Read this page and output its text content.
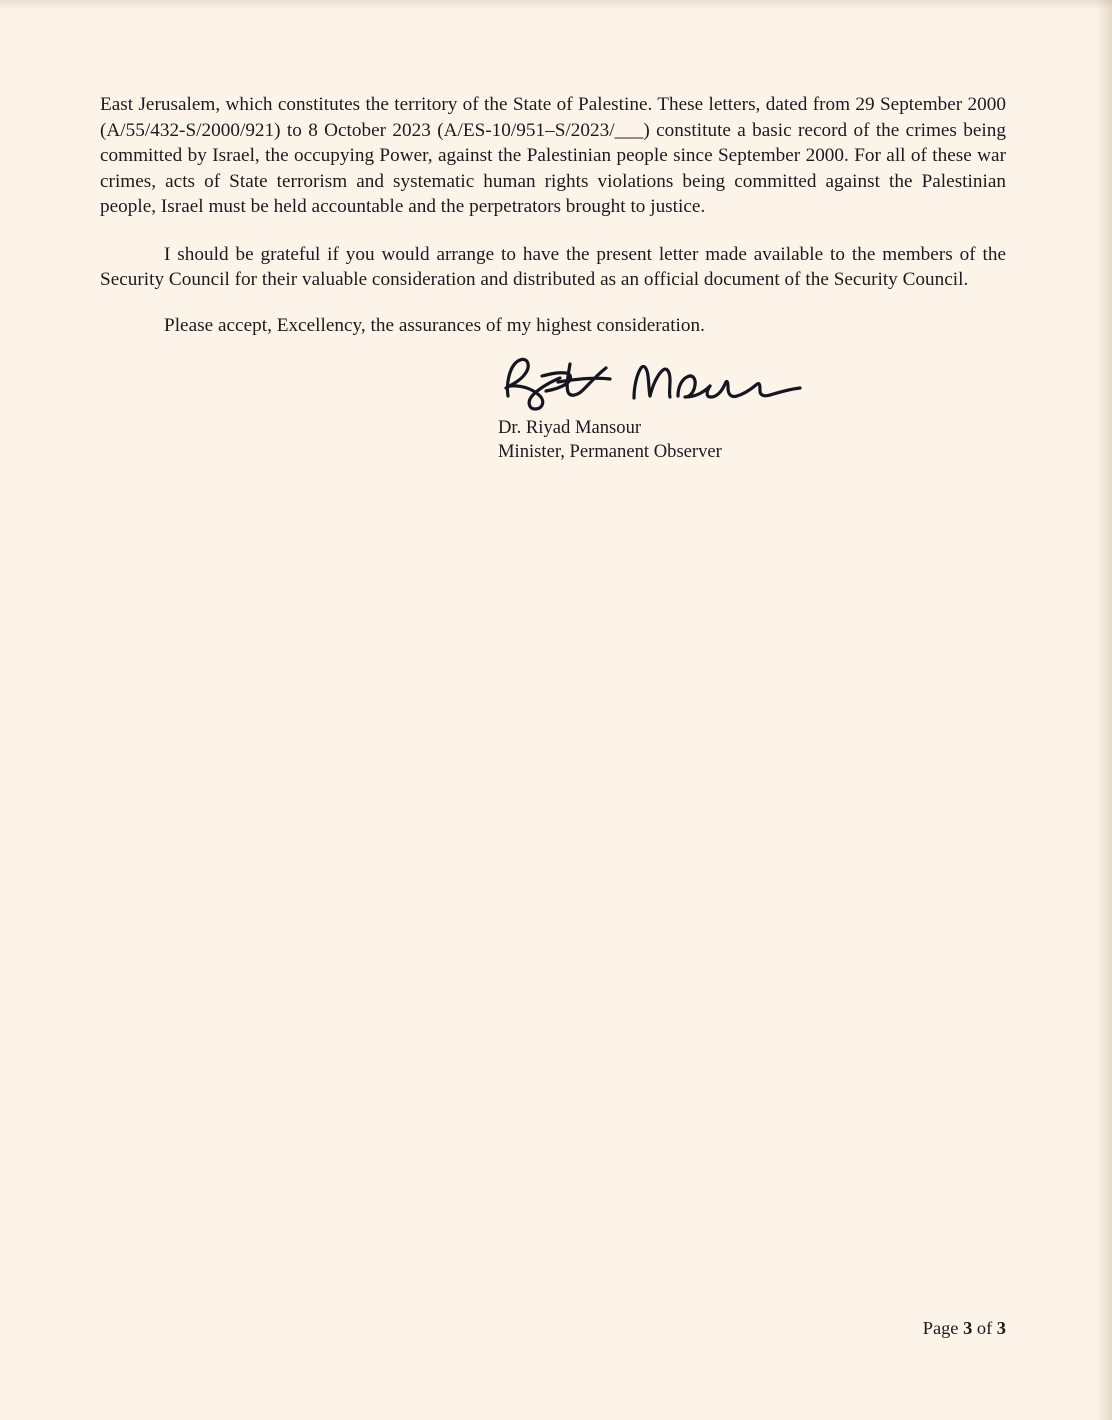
East Jerusalem, which constitutes the territory of the State of Palestine. These letters, dated from 29 September 2000 (A/55/432-S/2000/921) to 8 October 2023 (A/ES-10/951–S/2023/___) constitute a basic record of the crimes being committed by Israel, the occupying Power, against the Palestinian people since September 2000. For all of these war crimes, acts of State terrorism and systematic human rights violations being committed against the Palestinian people, Israel must be held accountable and the perpetrators brought to justice.

I should be grateful if you would arrange to have the present letter made available to the members of the Security Council for their valuable consideration and distributed as an official document of the Security Council.

Please accept, Excellency, the assurances of my highest consideration.

Dr. Riyad Mansour
Minister, Permanent Observer
Page 3 of 3
